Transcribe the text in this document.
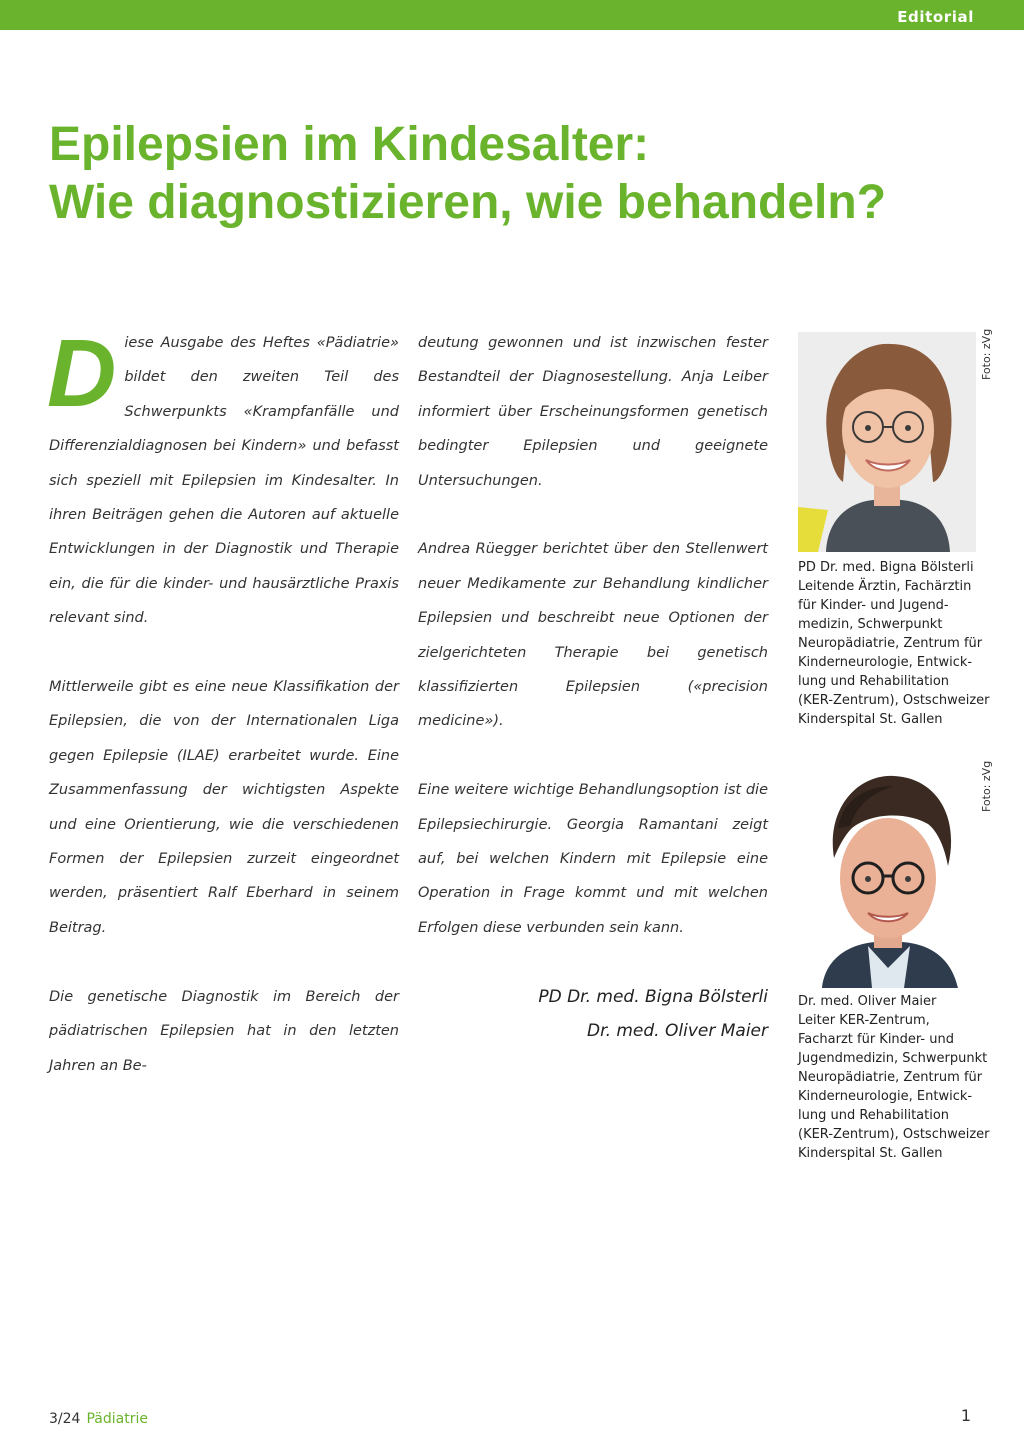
Editorial
Epilepsien im Kindesalter:
Wie diagnostizieren, wie behandeln?

Diese Ausgabe des Heftes «Pädiatrie» bildet den zweiten Teil des Schwerpunkts «Krampfanfälle und Differenzialdiagnosen bei Kindern» und befasst sich speziell mit Epilepsien im Kindesalter. In ihren Beiträgen gehen die Autoren auf aktuelle Entwicklungen in der Diagnostik und Therapie ein, die für die kinder- und hausärztliche Praxis relevant sind.

Mittlerweile gibt es eine neue Klassifikation der Epilepsien, die von der Internationalen Liga gegen Epilepsie (ILAE) erarbeitet wurde. Eine Zusammenfassung der wichtigsten Aspekte und eine Orientierung, wie die verschiedenen Formen der Epilepsien zurzeit eingeordnet werden, präsentiert Ralf Eberhard in seinem Beitrag.

Die genetische Diagnostik im Bereich der pädiatrischen Epilepsien hat in den letzten Jahren an Be-

deutung gewonnen und ist inzwischen fester Bestandteil der Diagnosestellung. Anja Leiber informiert über Erscheinungsformen genetisch bedingter Epilepsien und geeignete Untersuchungen.

Andrea Rüegger berichtet über den Stellenwert neuer Medikamente zur Behandlung kindlicher Epilepsien und beschreibt neue Optionen der zielgerichteten Therapie bei genetisch klassifizierten Epilepsien («precision medicine»).

Eine weitere wichtige Behandlungsoption ist die Epilepsiechirurgie. Georgia Ramantani zeigt auf, bei welchen Kindern mit Epilepsie eine Operation in Frage kommt und mit welchen Erfolgen diese verbunden sein kann.

PD Dr. med. Bigna Bölsterli
Dr. med. Oliver Maier
Foto: zVg
PD Dr. med. Bigna Bölsterli
Leitende Ärztin, Fachärztin
für Kinder- und Jugend-
medizin, Schwerpunkt
Neuropädiatrie, Zentrum für
Kinderneurologie, Entwick-
lung und Rehabilitation
(KER-Zentrum), Ostschweizer
Kinderspital St. Gallen
Foto: zVg
Dr. med. Oliver Maier
Leiter KER-Zentrum,
Facharzt für Kinder- und
Jugendmedizin, Schwerpunkt
Neuropädiatrie, Zentrum für
Kinderneurologie, Entwick-
lung und Rehabilitation
(KER-Zentrum), Ostschweizer
Kinderspital St. Gallen
3/24 Pädiatrie	1
